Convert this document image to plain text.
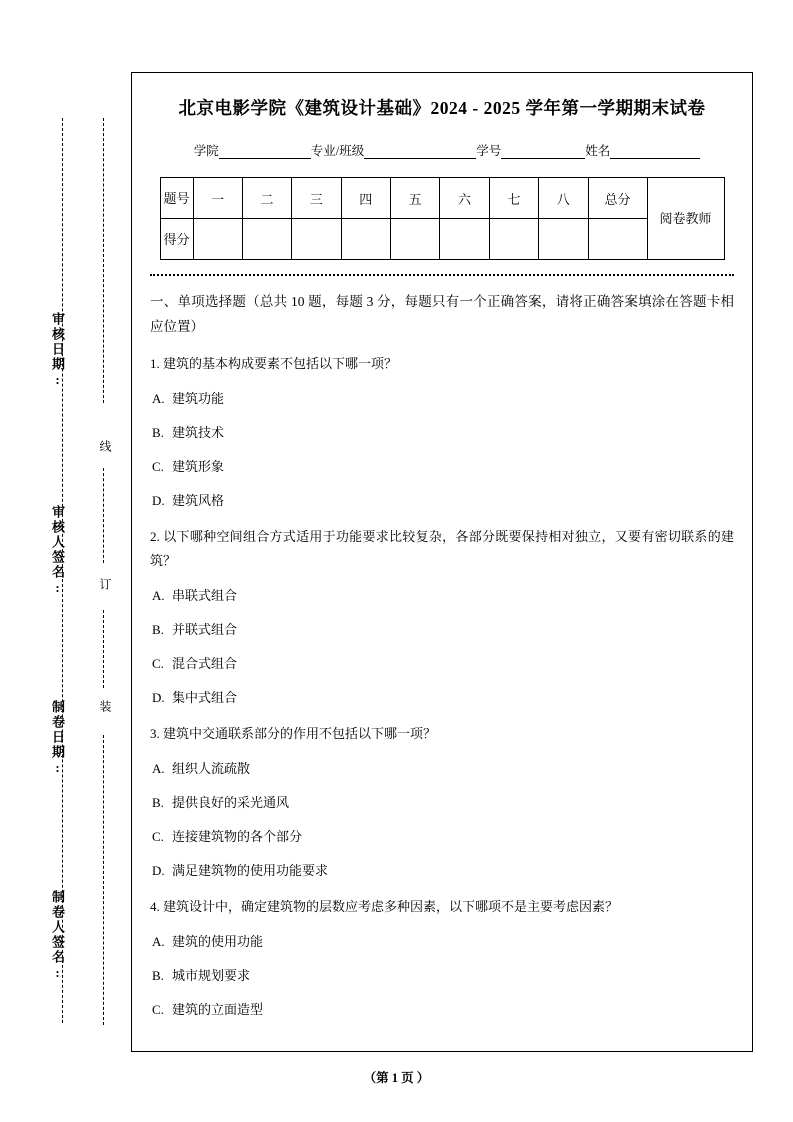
审核日期:
审核人签名:
制卷日期:
制卷人签名:
线
订
装
北京电影学院《建筑设计基础》2024 - 2025 学年第一学期期末试卷
学院	专业/班级	学号	姓名
题号	一	二	三	四	五	六	七	八	总分	阅卷教师
得分										
一、单项选择题（总共 10 题，每题 3 分，每题只有一个正确答案，请将正确答案填涂在答题卡相应位置）
1. 建筑的基本构成要素不包括以下哪一项？
A. 建筑功能
B. 建筑技术
C. 建筑形象
D. 建筑风格
2. 以下哪种空间组合方式适用于功能要求比较复杂，各部分既要保持相对独立，又要有密切联系的建筑？
A. 串联式组合
B. 并联式组合
C. 混合式组合
D. 集中式组合
3. 建筑中交通联系部分的作用不包括以下哪一项？
A. 组织人流疏散
B. 提供良好的采光通风
C. 连接建筑物的各个部分
D. 满足建筑物的使用功能要求
4. 建筑设计中，确定建筑物的层数应考虑多种因素，以下哪项不是主要考虑因素？
A. 建筑的使用功能
B. 城市规划要求
C. 建筑的立面造型
（第 1 页 ）
